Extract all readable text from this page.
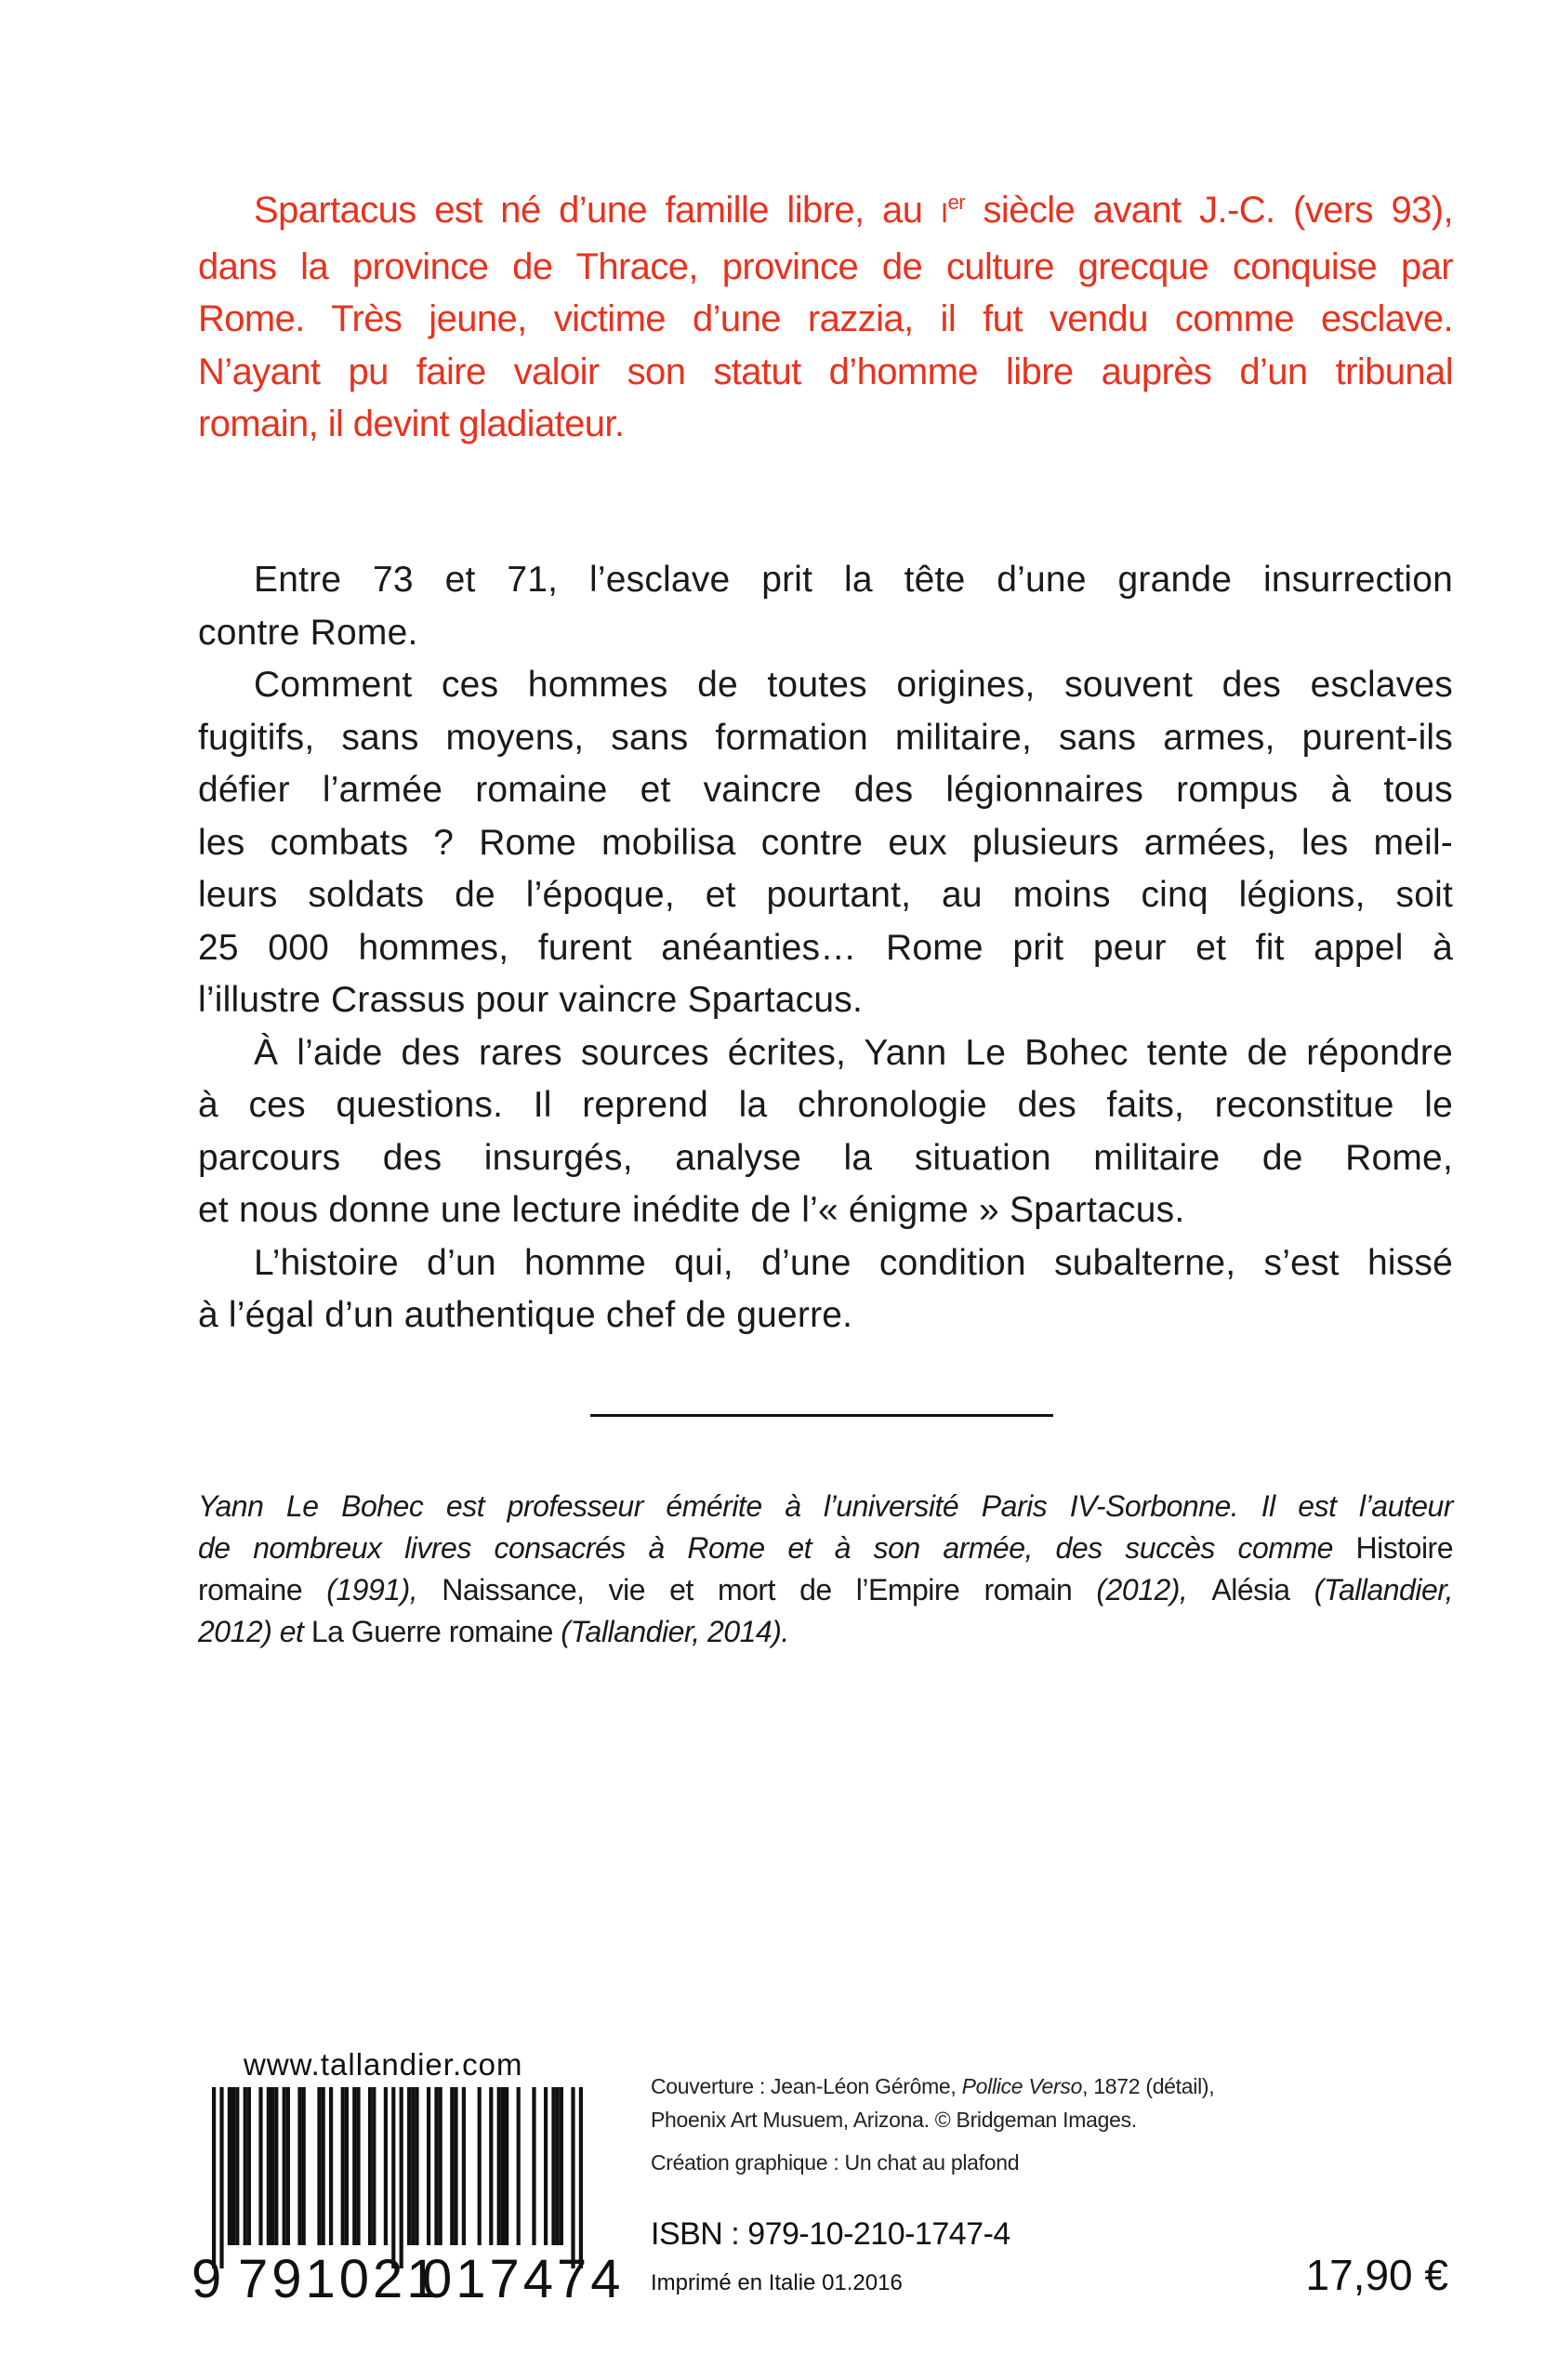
Spartacus est né d’une famille libre, au Ier siècle avant J.-C. (vers 93),
dans la province de Thrace, province de culture grecque conquise par
Rome. Très jeune, victime d’une razzia, il fut vendu comme esclave.
N’ayant pu faire valoir son statut d’homme libre auprès d’un tribunal
romain, il devint gladiateur.
Entre 73 et 71, l’esclave prit la tête d’une grande insurrection
contre Rome.
Comment ces hommes de toutes origines, souvent des esclaves
fugitifs, sans moyens, sans formation militaire, sans armes, purent-ils
défier l’armée romaine et vaincre des légionnaires rompus à tous
les combats ? Rome mobilisa contre eux plusieurs armées, les meil-
leurs soldats de l’époque, et pourtant, au moins cinq légions, soit
25 000 hommes, furent anéanties… Rome prit peur et fit appel à
l’illustre Crassus pour vaincre Spartacus.
À l’aide des rares sources écrites, Yann Le Bohec tente de répondre
à ces questions. Il reprend la chronologie des faits, reconstitue le
parcours des insurgés, analyse la situation militaire de Rome,
et nous donne une lecture inédite de l’« énigme » Spartacus.
L’histoire d’un homme qui, d’une condition subalterne, s’est hissé
à l’égal d’un authentique chef de guerre.
Yann Le Bohec est professeur émérite à l’université Paris IV-Sorbonne. Il est l’auteur
de nombreux livres consacrés à Rome et à son armée, des succès comme Histoire
romaine (1991), Naissance, vie et mort de l’Empire romain (2012), Alésia (Tallandier,
2012) et La Guerre romaine (Tallandier, 2014).
www.tallandier.com
9 791021
017474
Couverture : Jean-Léon Gérôme, Pollice Verso, 1872 (détail),
Phoenix Art Musuem, Arizona. © Bridgeman Images.
Création graphique : Un chat au plafond
ISBN : 979-10-210-1747-4
Imprimé en Italie 01.2016	17,90 €
